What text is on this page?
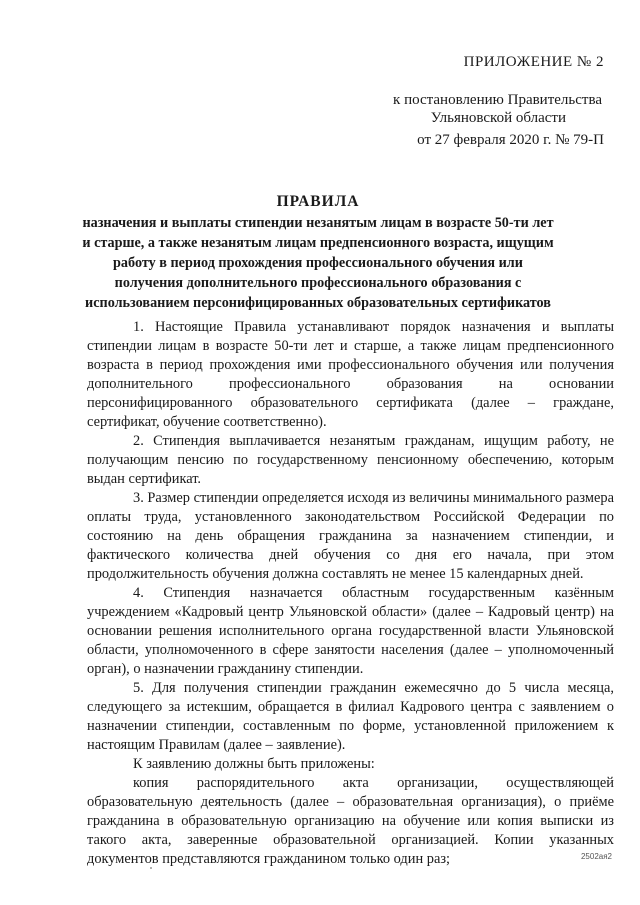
ПРИЛОЖЕНИЕ № 2
к постановлению Правительства
Ульяновской области
от 27 февраля 2020 г. № 79-П
ПРАВИЛА
назначения и выплаты стипендии незанятым лицам в возрасте 50-ти лет и старше, а также незанятым лицам предпенсионного возраста, ищущим работу в период прохождения профессионального обучения или получения дополнительного профессионального образования с использованием персонифицированных образовательных сертификатов

1. Настоящие Правила устанавливают порядок назначения и выплаты стипендии лицам в возрасте 50-ти лет и старше, а также лицам предпенсионного возраста в период прохождения ими профессионального обучения или получения дополнительного профессионального образования на основании персонифицированного образовательного сертификата (далее – граждане, сертификат, обучение соответственно).

2. Стипендия выплачивается незанятым гражданам, ищущим работу, не получающим пенсию по государственному пенсионному обеспечению, которым выдан сертификат.

3. Размер стипендии определяется исходя из величины минимального размера оплаты труда, установленного законодательством Российской Федерации по состоянию на день обращения гражданина за назначением стипендии, и фактического количества дней обучения со дня его начала, при этом продолжительность обучения должна составлять не менее 15 календарных дней.

4. Стипендия назначается областным государственным казённым учреждением «Кадровый центр Ульяновской области» (далее – Кадровый центр) на основании решения исполнительного органа государственной власти Ульяновской области, уполномоченного в сфере занятости населения (далее – уполномоченный орган), о назначении гражданину стипендии.

5. Для получения стипендии гражданин ежемесячно до 5 числа месяца, следующего за истекшим, обращается в филиал Кадрового центра с заявлением о назначении стипендии, составленным по форме, установленной приложением к настоящим Правилам (далее – заявление).

К заявлению должны быть приложены:

копия распорядительного акта организации, осуществляющей образовательную деятельность (далее – образовательная организация), о приёме гражданина в образовательную организацию на обучение или копия выписки из такого акта, заверенные образовательной организацией. Копии указанных документов представляются гражданином только один раз;	2502ая2
